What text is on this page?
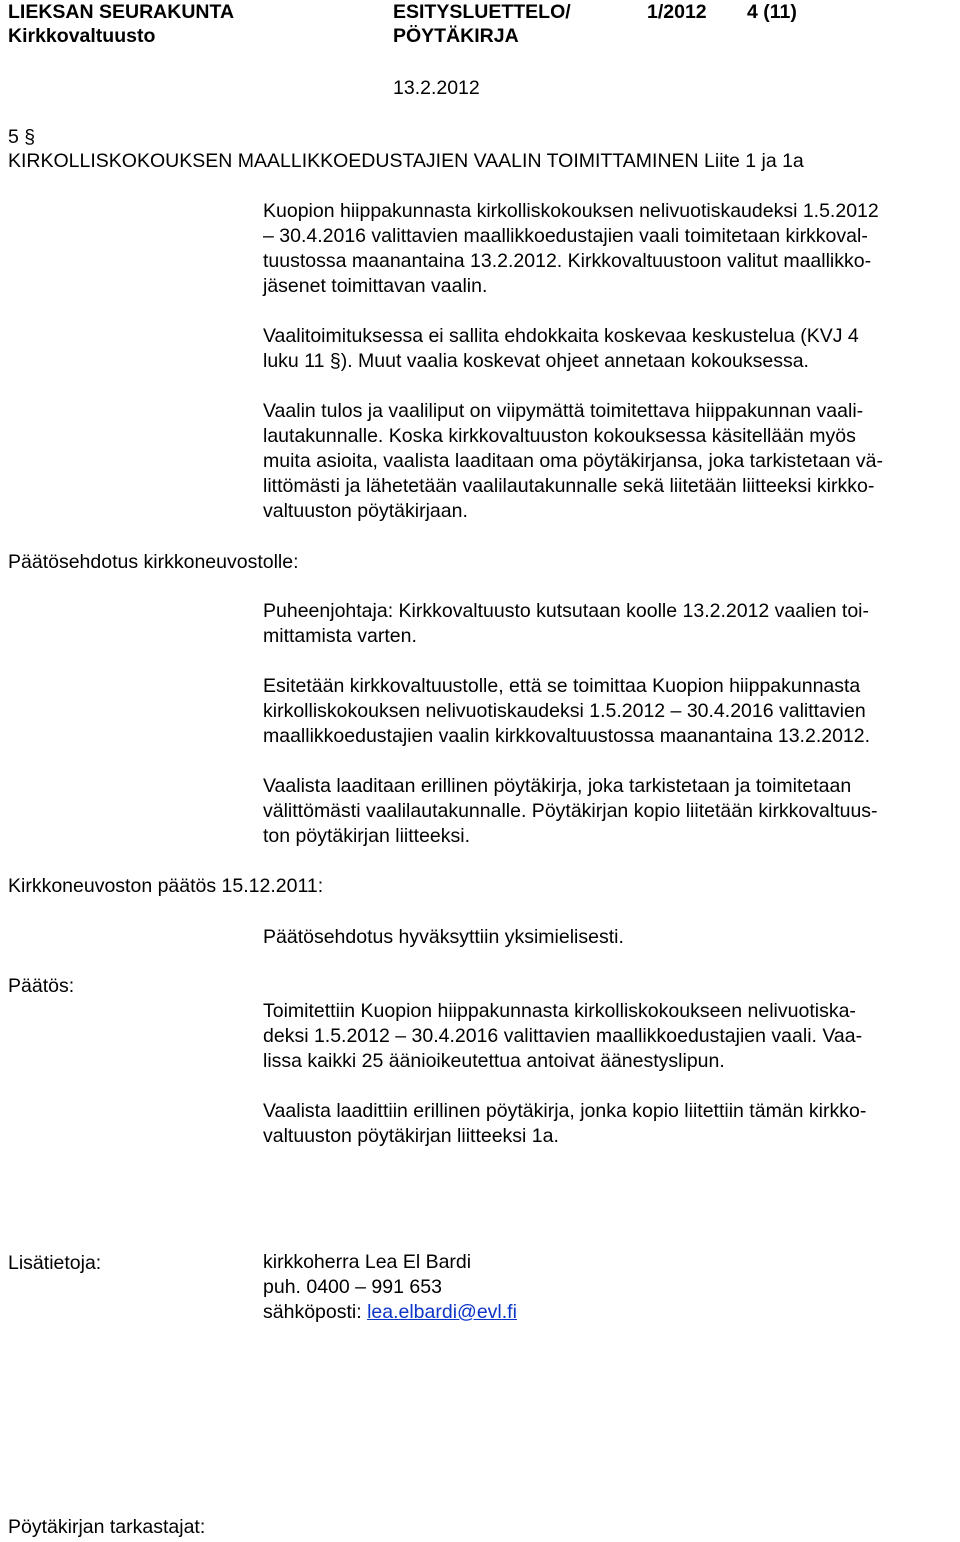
LIEKSAN SEURAKUNTA
Kirkkovaltuusto
ESITYSLUETTELO/
PÖYTÄKIRJA
1/2012 4 (11)
13.2.2012
5 §
KIRKOLLISKOKOUKSEN MAALLIKKOEDUSTAJIEN VAALIN TOIMITTAMINEN Liite 1 ja 1a
Kuopion hiippakunnasta kirkolliskokouksen nelivuotiskaudeksi 1.5.2012
– 30.4.2016 valittavien maallikkoedustajien vaali toimitetaan kirkkoval-
tuustossa maanantaina 13.2.2012. Kirkkovaltuustoon valitut maallikko-
jäsenet toimittavan vaalin.
Vaalitoimituksessa ei sallita ehdokkaita koskevaa keskustelua (KVJ 4
luku 11 §). Muut vaalia koskevat ohjeet annetaan kokouksessa.
Vaalin tulos ja vaaliliput on viipymättä toimitettava hiippakunnan vaali-
lautakunnalle. Koska kirkkovaltuuston kokouksessa käsitellään myös
muita asioita, vaalista laaditaan oma pöytäkirjansa, joka tarkistetaan vä-
littömästi ja lähetetään vaalilautakunnalle sekä liitetään liitteeksi kirkko-
valtuuston pöytäkirjaan.
Päätösehdotus kirkkoneuvostolle:
Puheenjohtaja: Kirkkovaltuusto kutsutaan koolle 13.2.2012 vaalien toi-
mittamista varten.
Esitetään kirkkovaltuustolle, että se toimittaa Kuopion hiippakunnasta
kirkolliskokouksen nelivuotiskaudeksi 1.5.2012 – 30.4.2016 valittavien
maallikkoedustajien vaalin kirkkovaltuustossa maanantaina 13.2.2012.
Vaalista laaditaan erillinen pöytäkirja, joka tarkistetaan ja toimitetaan
välittömästi vaalilautakunnalle. Pöytäkirjan kopio liitetään kirkkovaltuus-
ton pöytäkirjan liitteeksi.
Kirkkoneuvoston päätös 15.12.2011:
Päätösehdotus hyväksyttiin yksimielisesti.
Päätös:
Toimitettiin Kuopion hiippakunnasta kirkolliskokoukseen nelivuotiska-
deksi 1.5.2012 – 30.4.2016 valittavien maallikkoedustajien vaali. Vaa-
lissa kaikki 25 äänioikeutettua antoivat äänestyslipun.
Vaalista laadittiin erillinen pöytäkirja, jonka kopio liitettiin tämän kirkko-
valtuuston pöytäkirjan liitteeksi 1a.
Lisätietoja:	kirkkoherra Lea El Bardi
puh. 0400 – 991 653
sähköposti: lea.elbardi@evl.fi
Pöytäkirjan tarkastajat:
